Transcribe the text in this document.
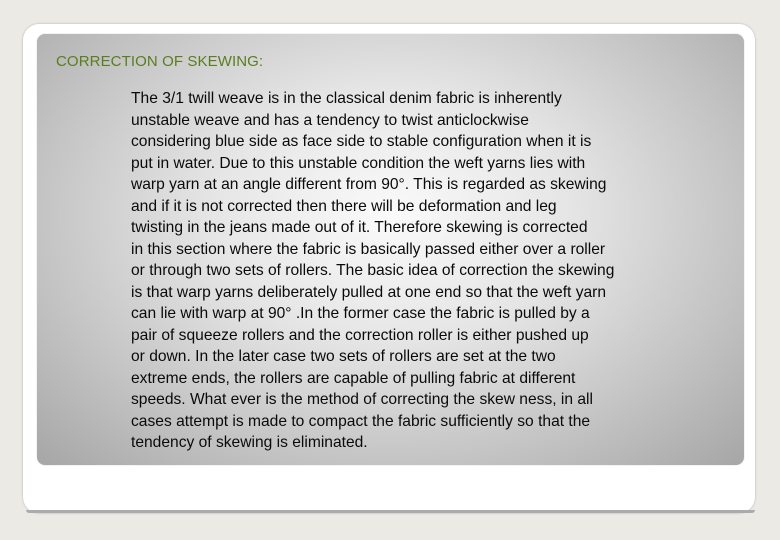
CORRECTION OF SKEWING:

The 3/1 twill weave is in the classical denim fabric is inherently
unstable weave and has a tendency to twist anticlockwise
considering blue side as face side to stable configuration when it is
put in water. Due to this unstable condition the weft yarns lies with
warp yarn at an angle different from 90°. This is regarded as skewing
and if it is not corrected then there will be deformation and leg
twisting in the jeans made out of it. Therefore skewing is corrected
in this section where the fabric is basically passed either over a roller
or through two sets of rollers. The basic idea of correction the skewing
is that warp yarns deliberately pulled at one end so that the weft yarn
can lie with warp at 90° .In the former case the fabric is pulled by a
pair of squeeze rollers and the correction roller is either pushed up
or down. In the later case two sets of rollers are set at the two
extreme ends, the rollers are capable of pulling fabric at different
speeds. What ever is the method of correcting the skew ness, in all
cases attempt is made to compact the fabric sufficiently so that the
tendency of skewing is eliminated.
